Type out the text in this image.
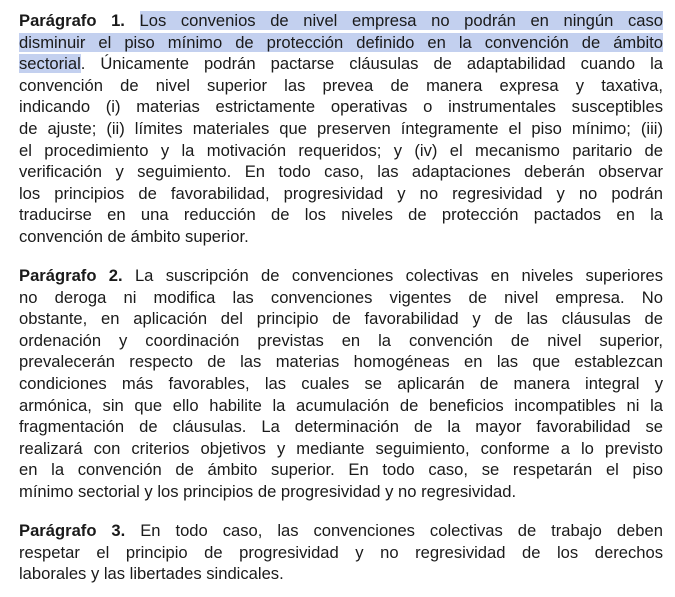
Parágrafo 1. Los convenios de nivel empresa no podrán en ningún caso
disminuir el piso mínimo de protección definido en la convención de ámbito
sectorial. Únicamente podrán pactarse cláusulas de adaptabilidad cuando la
convención de nivel superior las prevea de manera expresa y taxativa,
indicando (i) materias estrictamente operativas o instrumentales susceptibles
de ajuste; (ii) límites materiales que preserven íntegramente el piso mínimo; (iii)
el procedimiento y la motivación requeridos; y (iv) el mecanismo paritario de
verificación y seguimiento. En todo caso, las adaptaciones deberán observar
los principios de favorabilidad, progresividad y no regresividad y no podrán
traducirse en una reducción de los niveles de protección pactados en la
convención de ámbito superior.

Parágrafo 2. La suscripción de convenciones colectivas en niveles superiores
no deroga ni modifica las convenciones vigentes de nivel empresa. No
obstante, en aplicación del principio de favorabilidad y de las cláusulas de
ordenación y coordinación previstas en la convención de nivel superior,
prevalecerán respecto de las materias homogéneas en las que establezcan
condiciones más favorables, las cuales se aplicarán de manera integral y
armónica, sin que ello habilite la acumulación de beneficios incompatibles ni la
fragmentación de cláusulas. La determinación de la mayor favorabilidad se
realizará con criterios objetivos y mediante seguimiento, conforme a lo previsto
en la convención de ámbito superior. En todo caso, se respetarán el piso
mínimo sectorial y los principios de progresividad y no regresividad.

Parágrafo 3. En todo caso, las convenciones colectivas de trabajo deben
respetar el principio de progresividad y no regresividad de los derechos
laborales y las libertades sindicales.
